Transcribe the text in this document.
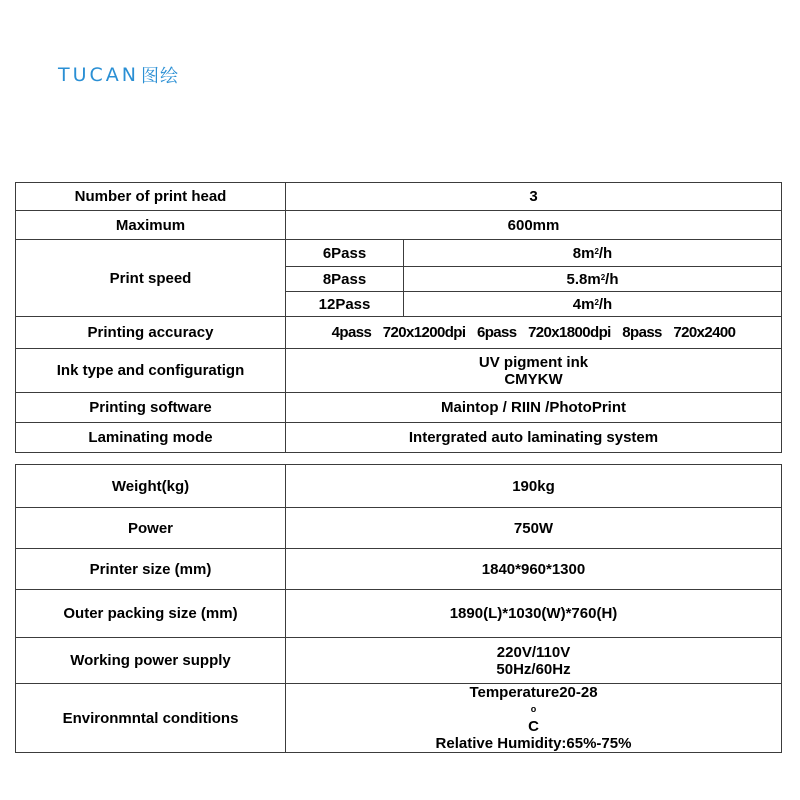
TUCAN 图绘
Number of print head	3	
Maximum	600mm	
Print speed	6Pass	$8m^2/h$
	8Pass	$5.8m^2/h$
	12Pass	$4m^2/h$
Printing accuracy	4pass 720x1200dpi 6pass 720x1800dpi 8pass 720x2400	
Ink type and configuratign	UV pigment ink
CMYKW	

Printing software	Maintop / RIIN /PhotoPrint	
Laminating mode	Intergrated auto laminating system	
Weight(kg)	190kg
Power	750W
Printer size (mm)	1840*960*1300
Outer packing size (mm)	1890(L)*1030(W)*760(H)
Working power supply	220V/110V
50Hz/60Hz

Environmntal conditions	Temperature20-28
o
C
Relative Humidity:65%-75%
